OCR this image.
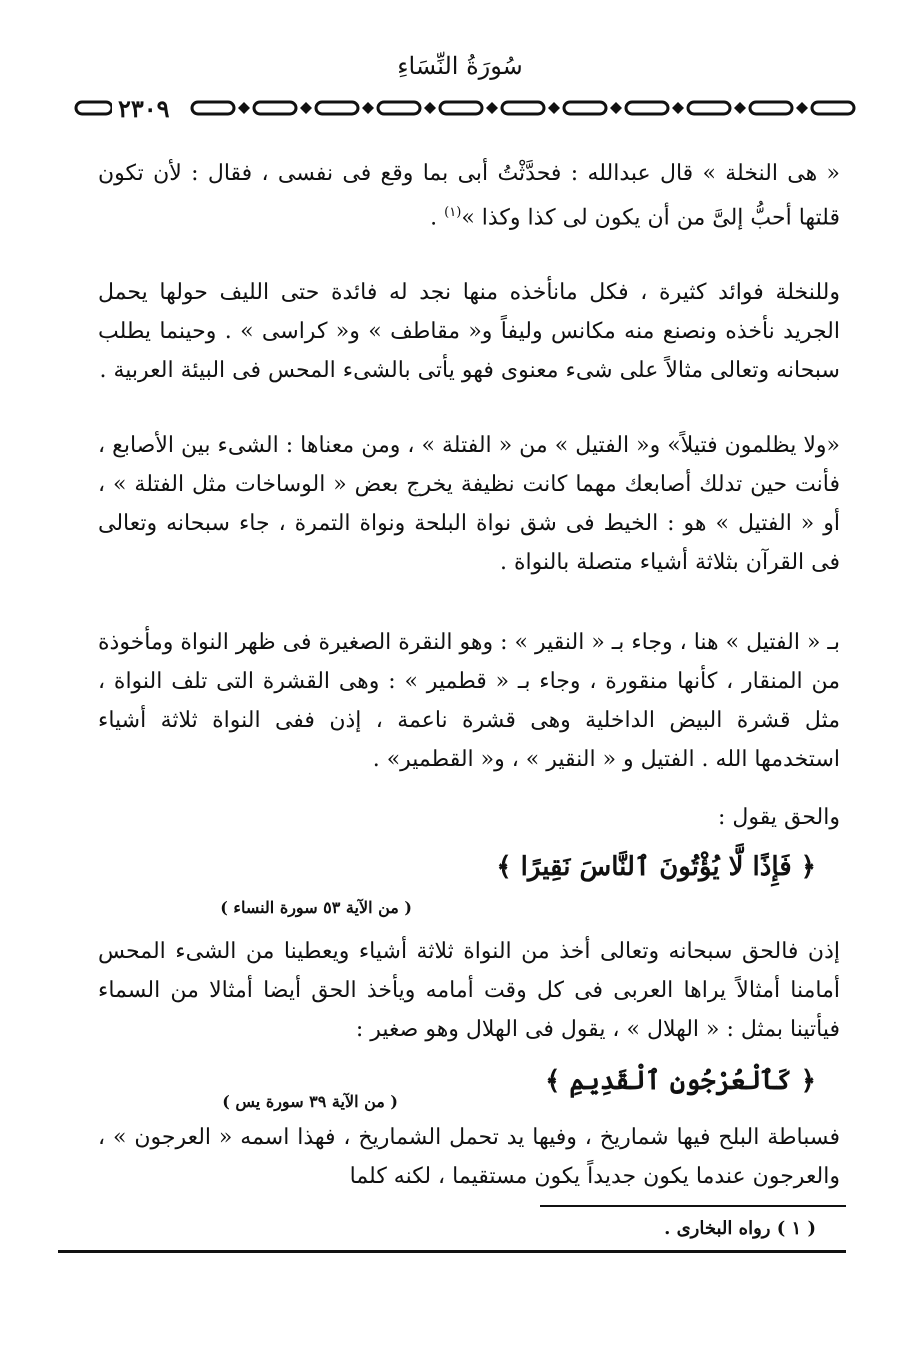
سُورَةُ النِّسَاءِ
٢٣٠٩
« هى النخلة » قال عبدالله : فحدَّثْتُ أبى بما وقع فى نفسى ، فقال : لأن تكون قلتها أحبُّ إلىَّ من أن يكون لى كذا وكذا »$^{(١)}$ .
وللنخلة فوائد كثيرة ، فكل مانأخذه منها نجد له فائدة حتى الليف حولها يحمل الجريد نأخذه ونصنع منه مكانس وليفاً و« مقاطف » و« كراسى » . وحينما يطلب سبحانه وتعالى مثالاً على شىء معنوى فهو يأتى بالشىء المحس فى البيئة العربية .
«ولا يظلمون فتيلاً» و« الفتيل » من « الفتلة » ، ومن معناها : الشىء بين الأصابع ، فأنت حين تدلك أصابعك مهما كانت نظيفة يخرج بعض « الوساخات مثل الفتلة » ، أو « الفتيل » هو : الخيط فى شق نواة البلحة ونواة التمرة ، جاء سبحانه وتعالى فى القرآن بثلاثة أشياء متصلة بالنواة .
بـ « الفتيل » هنا ، وجاء بـ « النقير » : وهو النقرة الصغيرة فى ظهر النواة ومأخوذة من المنقار ، كأنها منقورة ، وجاء بـ « قطمير » : وهى القشرة التى تلف النواة ، مثل قشرة البيض الداخلية وهى قشرة ناعمة ، إذن ففى النواة ثلاثة أشياء استخدمها الله . الفتيل و « النقير » ، و« القطمير» .
والحق يقول :
﴿ فَإِذًا لَّا يُؤْتُونَ ٱلنَّاسَ نَقِيرًا ﴾
( من الآية ٥٣ سورة النساء )
إذن فالحق سبحانه وتعالى أخذ من النواة ثلاثة أشياء ويعطينا من الشىء المحس أمامنا أمثالاً يراها العربى فى كل وقت أمامه ويأخذ الحق أيضا أمثالا من السماء فيأتينا بمثل : « الهلال » ، يقول فى الهلال وهو صغير :
﴿ كَٱلْعُرْجُونِ ٱلْقَدِيمِ ﴾
( من الآية ٣٩ سورة يس )
فسباطة البلح فيها شماريخ ، وفيها يد تحمل الشماريخ ، فهذا اسمه « العرجون » ، والعرجون عندما يكون جديداً يكون مستقيما ، لكنه كلما
( ١ ) رواه البخارى .
